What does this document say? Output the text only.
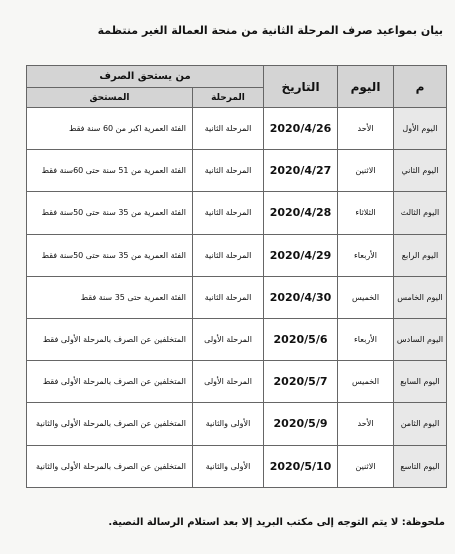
بيان بمواعيد صرف المرحلة الثانية من منحة العمالة الغير منتظمة
م	اليوم	التاريخ	من يستحق الصرف	
			المرحلة	المستحق
اليوم الأول	الأحد	2020/4/26	المرحلة الثانية	الفئة العمرية اكبر من 60 سنة فقط
اليوم الثاني	الاثنين	2020/4/27	المرحلة الثانية	الفئة العمرية من 51 سنة حتى 60سنة فقط
اليوم الثالث	الثلاثاء	2020/4/28	المرحلة الثانية	الفئة العمرية من 35 سنة حتى 50سنة فقط
اليوم الرابع	الأربعاء	2020/4/29	المرحلة الثانية	الفئة العمرية من 35 سنة حتى 50سنة فقط
اليوم الخامس	الخميس	2020/4/30	المرحلة الثانية	الفئة العمرية حتى 35 سنة فقط
اليوم السادس	الأربعاء	2020/5/6	المرحلة الأولى	المتخلفين عن الصرف بالمرحلة الأولى فقط
اليوم السابع	الخميس	2020/5/7	المرحلة الأولى	المتخلفين عن الصرف بالمرحلة الأولى فقط
اليوم الثامن	الأحد	2020/5/9	الأولى والثانية	المتخلفين عن الصرف بالمرحلة الأولى والثانية
اليوم التاسع	الاثنين	2020/5/10	الأولى والثانية	المتخلفين عن الصرف بالمرحلة الأولى والثانية
ملحوظة: لا يتم التوجه إلى مكتب البريد إلا بعد استلام الرسالة النصية.
